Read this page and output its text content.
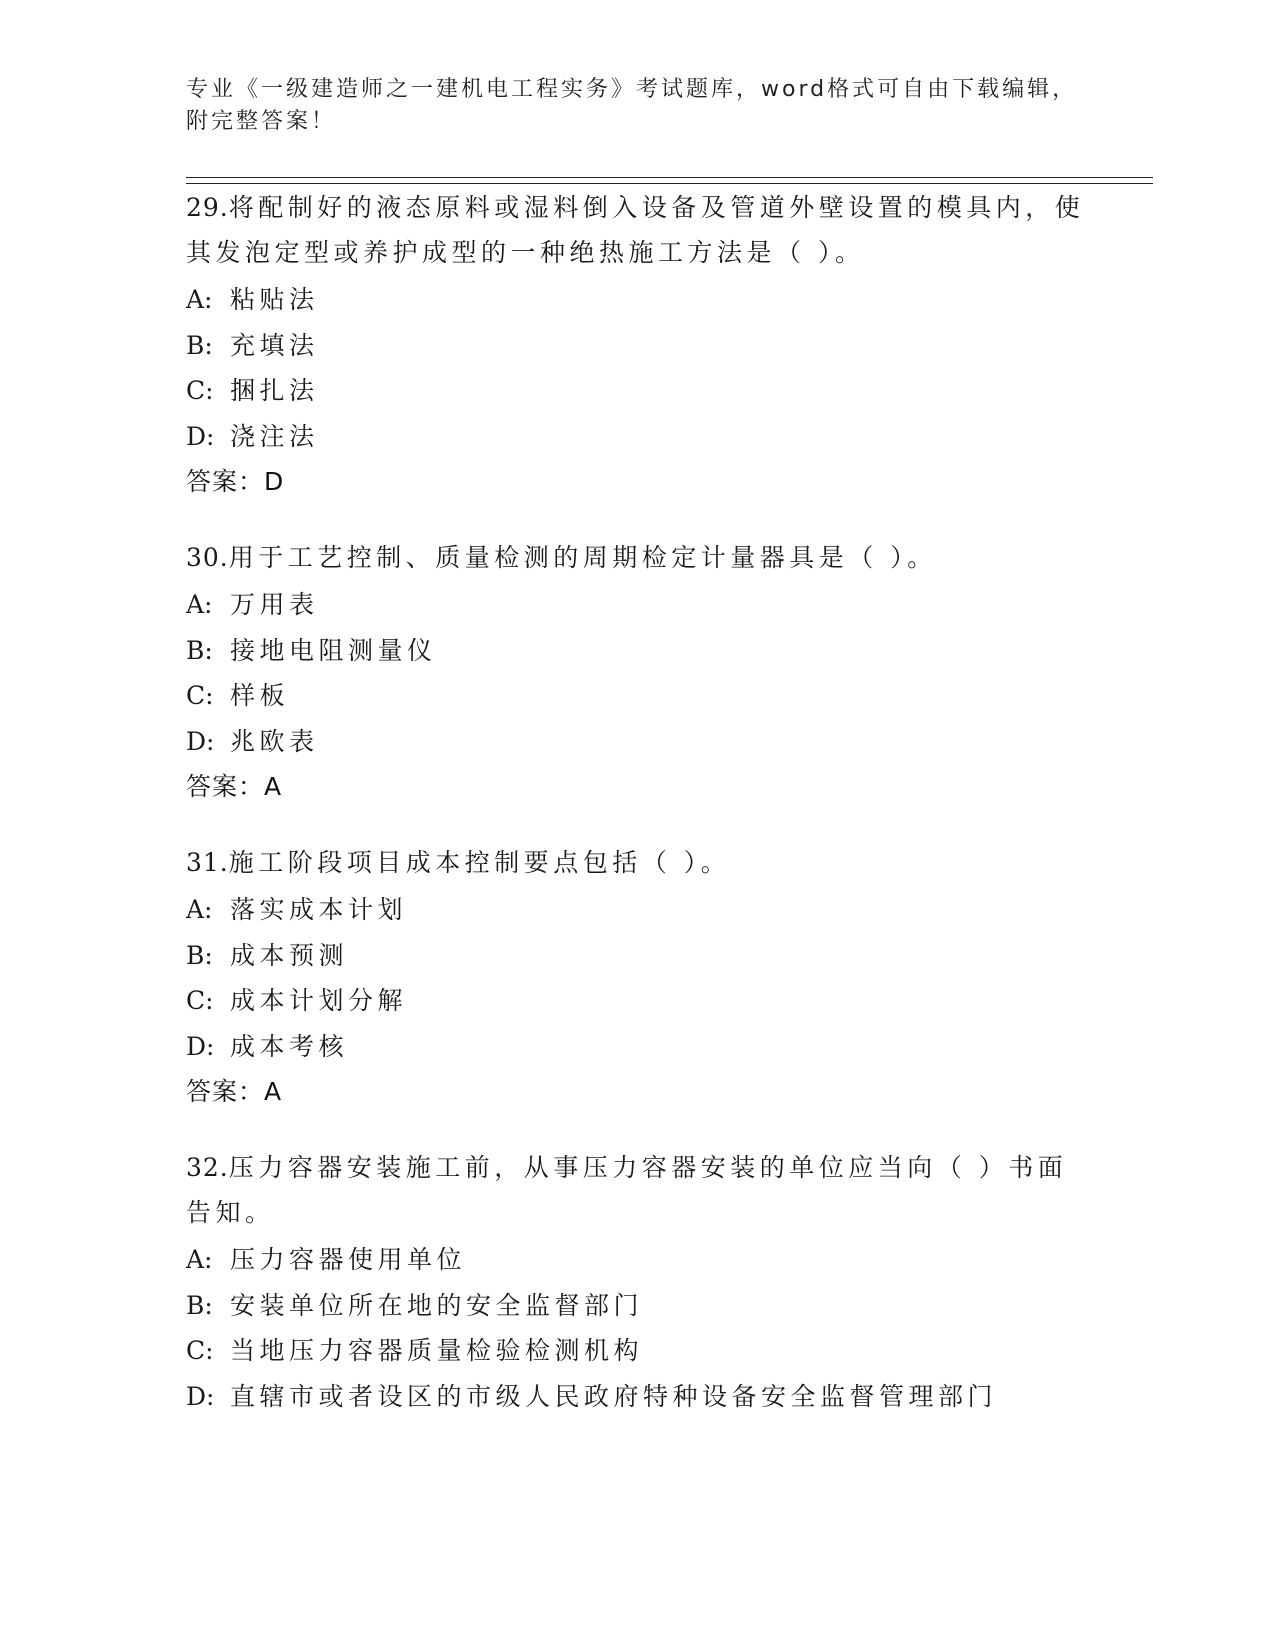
专业《一级建造师之一建机电工程实务》考试题库，word格式可自由下载编辑，
附完整答案！
29.将配制好的液态原料或湿料倒入设备及管道外壁设置的模具内，使其发泡定型或养护成型的一种绝热施工方法是（ ）。
A: 粘贴法
B: 充填法
C: 捆扎法
D: 浇注法
答案：D
30.用于工艺控制、质量检测的周期检定计量器具是（ ）。
A: 万用表
B: 接地电阻测量仪
C: 样板
D: 兆欧表
答案：A
31.施工阶段项目成本控制要点包括（ ）。
A: 落实成本计划
B: 成本预测
C: 成本计划分解
D: 成本考核
答案：A
32.压力容器安装施工前，从事压力容器安装的单位应当向（ ）书面告知。
A: 压力容器使用单位
B: 安装单位所在地的安全监督部门
C: 当地压力容器质量检验检测机构
D: 直辖市或者设区的市级人民政府特种设备安全监督管理部门
